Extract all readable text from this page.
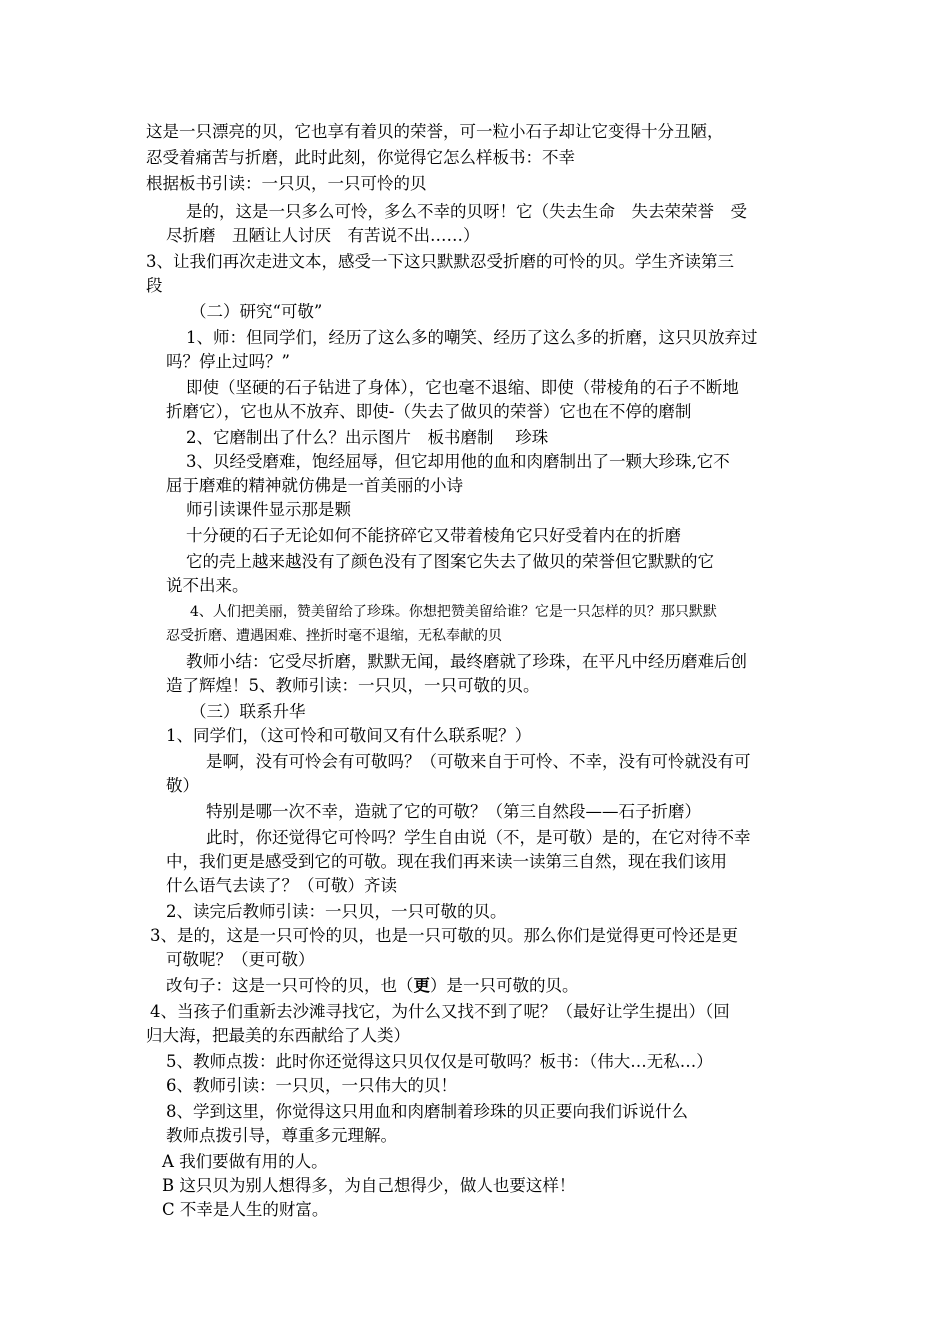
这是一只漂亮的贝，它也享有着贝的荣誉，可一粒小石子却让它变得十分丑陋，
忍受着痛苦与折磨，此时此刻，你觉得它怎么样板书：不幸
根据板书引读：一只贝，一只可怜的贝
是的，这是一只多么可怜，多么不幸的贝呀！它（失去生命　失去荣荣誉　受
尽折磨　丑陋让人讨厌　有苦说不出……）
3、让我们再次走进文本，感受一下这只默默忍受折磨的可怜的贝。学生齐读第三
段
（二）研究“可敬”
1、师：但同学们，经历了这么多的嘲笑、经历了这么多的折磨，这只贝放弃过
吗？停止过吗？”
即使（坚硬的石子钻进了身体），它也毫不退缩、即使（带棱角的石子不断地
折磨它），它也从不放弃、即使-（失去了做贝的荣誉）它也在不停的磨制
2、它磨制出了什么？出示图片　板书磨制　 珍珠
3、贝经受磨难，饱经屈辱，但它却用他的血和肉磨制出了一颗大珍珠,它不
屈于磨难的精神就仿佛是一首美丽的小诗
师引读课件显示那是颗
十分硬的石子无论如何不能挤碎它又带着棱角它只好受着内在的折磨
它的壳上越来越没有了颜色没有了图案它失去了做贝的荣誉但它默默的它
说不出来。
4、人们把美丽，赞美留给了珍珠。你想把赞美留给谁？它是一只怎样的贝？那只默默
忍受折磨、遭遇困难、挫折时毫不退缩，无私奉献的贝
教师小结：它受尽折磨，默默无闻，最终磨就了珍珠，在平凡中经历磨难后创
造了辉煌！5、教师引读：一只贝，一只可敬的贝。
（三）联系升华
1、同学们，（这可怜和可敬间又有什么联系呢？）
是啊，没有可怜会有可敬吗？（可敬来自于可怜、不幸，没有可怜就没有可
敬）
特别是哪一次不幸，造就了它的可敬？（第三自然段——石子折磨）
此时，你还觉得它可怜吗？学生自由说（不，是可敬）是的，在它对待不幸
中，我们更是感受到它的可敬。现在我们再来读一读第三自然，现在我们该用
什么语气去读了？（可敬）齐读
2、读完后教师引读：一只贝，一只可敬的贝。
3、是的，这是一只可怜的贝，也是一只可敬的贝。那么你们是觉得更可怜还是更
可敬呢？（更可敬）
改句子：这是一只可怜的贝，也（更）是一只可敬的贝。
4、当孩子们重新去沙滩寻找它，为什么又找不到了呢？（最好让学生提出）（回
归大海，把最美的东西献给了人类）
5、教师点拨：此时你还觉得这只贝仅仅是可敬吗？板书：（伟大…无私…）
6、教师引读：一只贝，一只伟大的贝！
8、学到这里，你觉得这只用血和肉磨制着珍珠的贝正要向我们诉说什么
教师点拨引导，尊重多元理解。
A 我们要做有用的人。
B 这只贝为别人想得多，为自己想得少，做人也要这样！
C 不幸是人生的财富。
